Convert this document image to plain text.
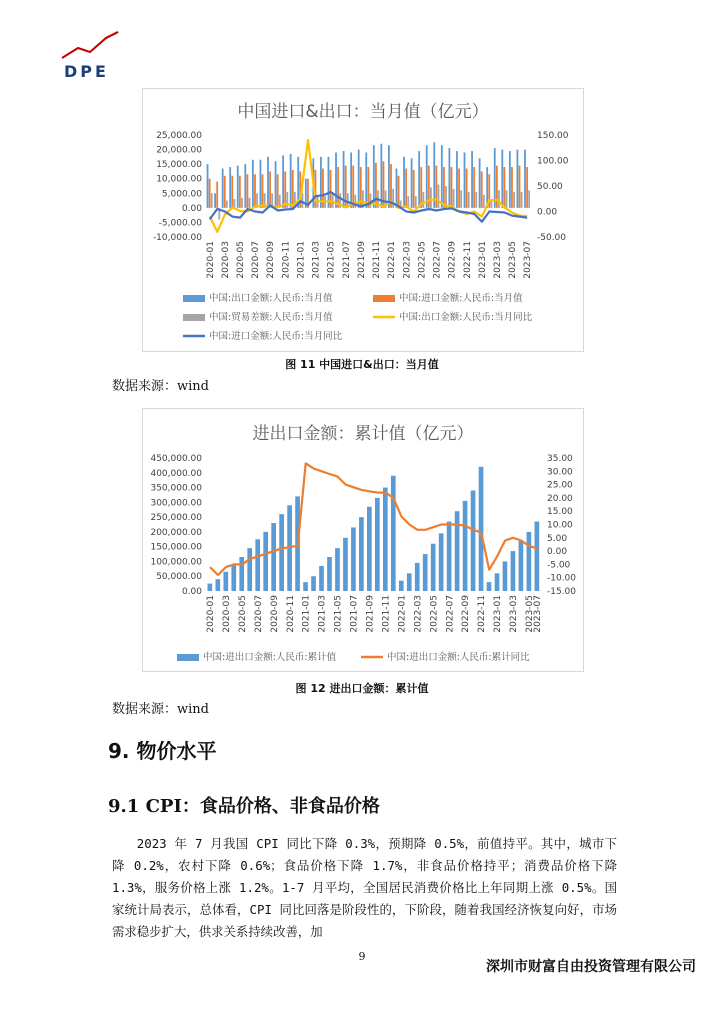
DPE
中国进口&出口：当月值（亿元）
25,000.00
20,000.00
15,000.00
10,000.00
5,000.00
0.00
-5,000.00
-10,000.00
150.00
100.00
50.00
0.00
-50.00
2020-01 2020-03 2020-05 2020-07 2020-09 2020-11 2021-01 2021-03 2021-05 2021-07 2021-09 2021-11 2022-01 2022-03 2022-05 2022-07 2022-09 2022-11 2023-01 2023-03 2023-05 2023-07
中国:出口金额:人民币:当月值	中国:进口金额:人民币:当月值
中国:贸易差额:人民币:当月值	中国:出口金额:人民币:当月同比
中国:进口金额:人民币:当月同比
图 11 中国进口&出口：当月值
数据来源：wind
进出口金额：累计值（亿元）
450,000.00
400,000.00
350,000.00
300,000.00
250,000.00
200,000.00
150,000.00
100,000.00
50,000.00
0.00
35.00
30.00
25.00
20.00
15.00
10.00
5.00
0.00
-5.00
-10.00
-15.00
2020-01 2020-03 2020-05 2020-07 2020-09 2020-11 2021-01 2021-03 2021-05 2021-07 2021-09 2021-11 2022-01 2022-03 2022-05 2022-07 2022-09 2022-11 2023-01 2023-03 2023-05
2023-07
中国:进出口金额:人民币:累计值	中国:进出口金额:人民币:累计同比
图 12 进出口金额：累计值
数据来源：wind
9. 物价水平
9.1 CPI：食品价格、非食品价格
2023 年 7 月我国 CPI 同比下降 0.3%，预期降 0.5%，前值持平。其中，城市下降 0.2%，农村下降 0.6%；食品价格下降 1.7%，非食品价格持平；消费品价格下降 1.3%，服务价格上涨 1.2%。1-7 月平均，全国居民消费价格比上年同期上涨 0.5%。国家统计局表示，总体看，CPI 同比回落是阶段性的，下阶段，随着我国经济恢复向好，市场需求稳步扩大，供求关系持续改善，加
9
深圳市财富自由投资管理有限公司
